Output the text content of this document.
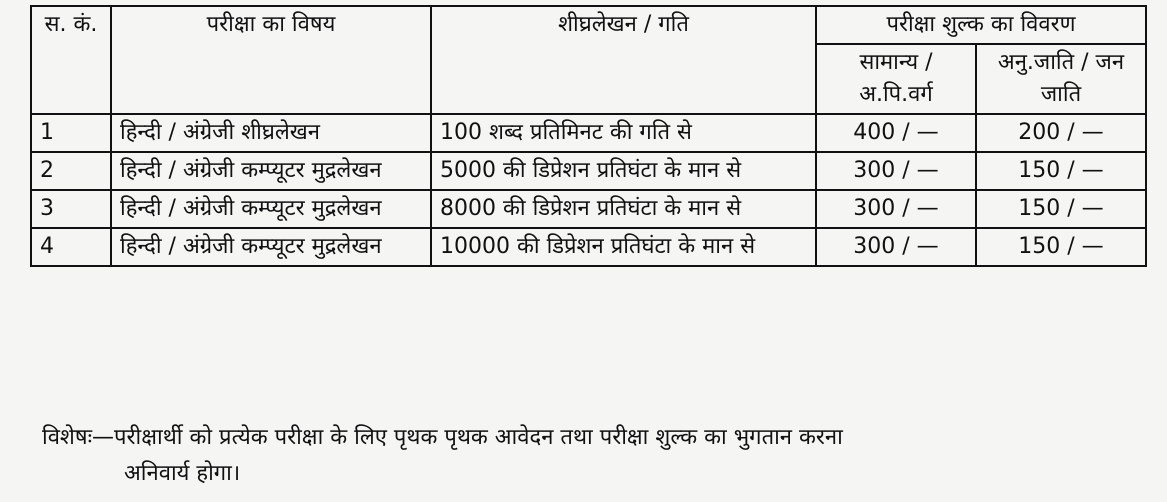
स. कं.	परीक्षा का विषय	शीघ्रलेखन / गति	परीक्षा शुल्क का विवरण	
			सामान्य / अ.पि.वर्ग	अनु.जाति / जन जाति
1	हिन्दी / अंग्रेजी शीघ्रलेखन	100 शब्द प्रतिमिनट की गति से	400 / —	200 / —
2	हिन्दी / अंग्रेजी कम्प्यूटर मुद्रलेखन	5000 की डिप्रेशन प्रतिघंटा के मान से	300 / —	150 / —
3	हिन्दी / अंग्रेजी कम्प्यूटर मुद्रलेखन	8000 की डिप्रेशन प्रतिघंटा के मान से	300 / —	150 / —
4	हिन्दी / अंग्रेजी कम्प्यूटर मुद्रलेखन	10000 की डिप्रेशन प्रतिघंटा के मान से	300 / —	150 / —
विशेषः—परीक्षार्थी को प्रत्येक परीक्षा के लिए पृथक पृथक आवेदन तथा परीक्षा शुल्क का भुगतान करना
अनिवार्य होगा।
